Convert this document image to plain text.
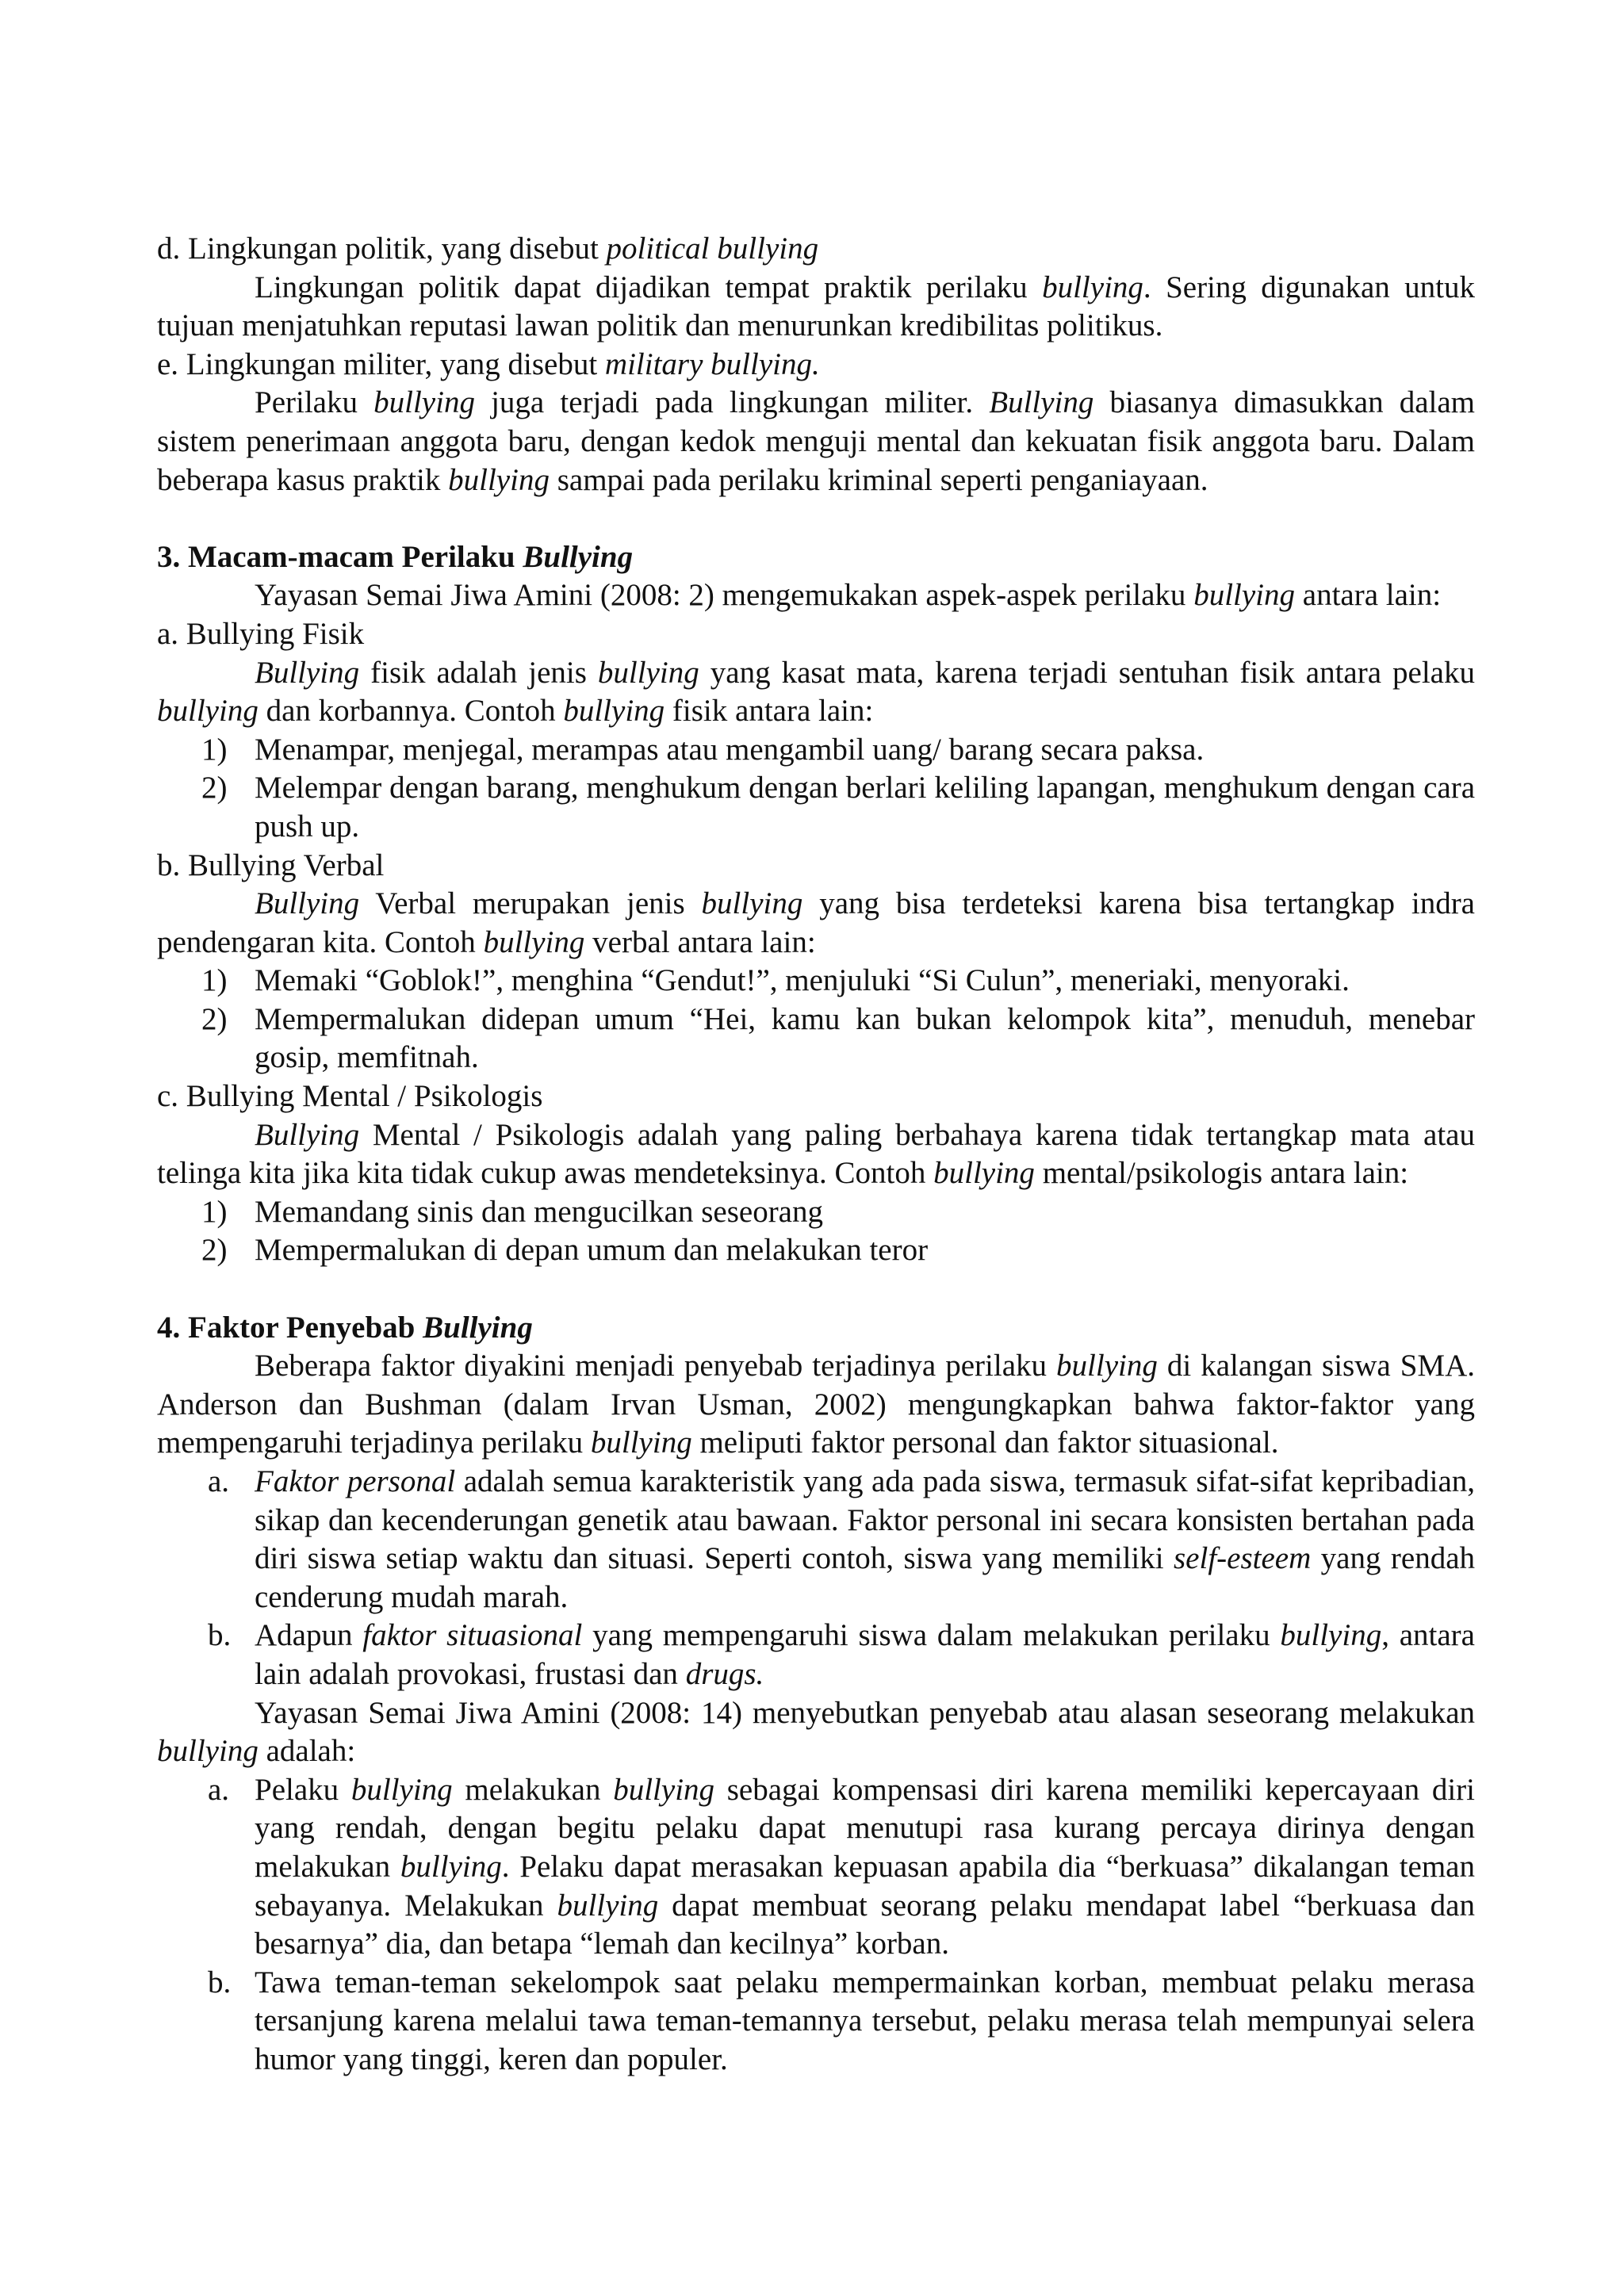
d. Lingkungan politik, yang disebut political bullying

Lingkungan politik dapat dijadikan tempat praktik perilaku bullying. Sering digunakan untuk tujuan menjatuhkan reputasi lawan politik dan menurunkan kredibilitas politikus.

e. Lingkungan militer, yang disebut military bullying.

Perilaku bullying juga terjadi pada lingkungan militer. Bullying biasanya dimasukkan dalam sistem penerimaan anggota baru, dengan kedok menguji mental dan kekuatan fisik anggota baru. Dalam beberapa kasus praktik bullying sampai pada perilaku kriminal seperti penganiayaan.

3. Macam-macam Perilaku Bullying

Yayasan Semai Jiwa Amini (2008: 2) mengemukakan aspek-aspek perilaku bullying antara lain:

a. Bullying Fisik

Bullying fisik adalah jenis bullying yang kasat mata, karena terjadi sentuhan fisik antara pelaku bullying dan korbannya. Contoh bullying fisik antara lain:

1) Menampar, menjegal, merampas atau mengambil uang/ barang secara paksa.
2) Melempar dengan barang, menghukum dengan berlari keliling lapangan, menghukum dengan cara push up.

b. Bullying Verbal

Bullying Verbal merupakan jenis bullying yang bisa terdeteksi karena bisa tertangkap indra pendengaran kita. Contoh bullying verbal antara lain:

1) Memaki “Goblok!”, menghina “Gendut!”, menjuluki “Si Culun”, meneriaki, menyoraki.
2) Mempermalukan didepan umum “Hei, kamu kan bukan kelompok kita”, menuduh, menebar gosip, memfitnah.

c. Bullying Mental / Psikologis

Bullying Mental / Psikologis adalah yang paling berbahaya karena tidak tertangkap mata atau telinga kita jika kita tidak cukup awas mendeteksinya. Contoh bullying mental/psikologis antara lain:

1) Memandang sinis dan mengucilkan seseorang
2) Mempermalukan di depan umum dan melakukan teror

4. Faktor Penyebab Bullying

Beberapa faktor diyakini menjadi penyebab terjadinya perilaku bullying di kalangan siswa SMA. Anderson dan Bushman (dalam Irvan Usman, 2002) mengungkapkan bahwa faktor-faktor yang mempengaruhi terjadinya perilaku bullying meliputi faktor personal dan faktor situasional.

a. Faktor personal adalah semua karakteristik yang ada pada siswa, termasuk sifat-sifat kepribadian, sikap dan kecenderungan genetik atau bawaan. Faktor personal ini secara konsisten bertahan pada diri siswa setiap waktu dan situasi. Seperti contoh, siswa yang memiliki self-esteem yang rendah cenderung mudah marah.
b. Adapun faktor situasional yang mempengaruhi siswa dalam melakukan perilaku bullying, antara lain adalah provokasi, frustasi dan drugs.

Yayasan Semai Jiwa Amini (2008: 14) menyebutkan penyebab atau alasan seseorang melakukan bullying adalah:

a. Pelaku bullying melakukan bullying sebagai kompensasi diri karena memiliki kepercayaan diri yang rendah, dengan begitu pelaku dapat menutupi rasa kurang percaya dirinya dengan melakukan bullying. Pelaku dapat merasakan kepuasan apabila dia “berkuasa” dikalangan teman sebayanya. Melakukan bullying dapat membuat seorang pelaku mendapat label “berkuasa dan besarnya” dia, dan betapa “lemah dan kecilnya” korban.
b. Tawa teman-teman sekelompok saat pelaku mempermainkan korban, membuat pelaku merasa tersanjung karena melalui tawa teman-temannya tersebut, pelaku merasa telah mempunyai selera humor yang tinggi, keren dan populer.
